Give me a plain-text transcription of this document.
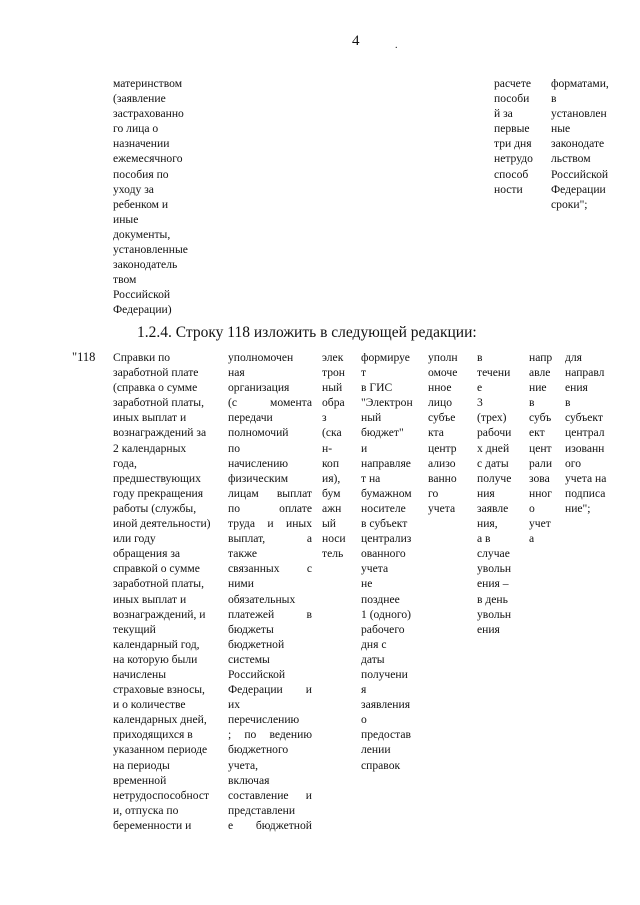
4	.
материнством
(заявление
застрахованно
го лица о
назначении
ежемесячного
пособия по
уходу за
ребенком и
иные
документы,
установленные
законодатель
твом
Российской
Федерации)
расчете
пособи
й за
первые
три дня
нетрудо
способ
ности
форматами,
в
установлен
ные
законодате
льством
Российской
Федерации
сроки";
1.2.4. Строку 118 изложить в следующей редакции:
"118 Справки по
заработной плате
(справка о сумме
заработной платы,
иных выплат и
вознаграждений за
2 календарных
года,
предшествующих
году прекращения
работы (службы,
иной деятельности)
или году
обращения за
справкой о сумме
заработной платы,
иных выплат и
вознаграждений, и
текущий
календарный год,
на которую были
начислены
страховые взносы,
и о количестве
календарных дней,
приходящихся в
указанном периоде
на периоды
временной
нетрудоспособност
и, отпуска по
беременности и
уполномочен
ная
организация
(с момента
передачи
полномочий
по
начислению
физическим
лицам выплат
по оплате
труда и иных
выплат, а
также
связанных с
ними
обязательных
платежей в
бюджеты
бюджетной
системы
Российской
Федерации и
их
перечислению
; по ведению
бюджетного
учета,
включая
составление и
представлени
е бюджетной
элек
трон
ный
обра
з
(ска
н-
коп
ия),
бум
ажн
ый
носи
тель
формируе
т
в ГИС
"Электрон
ный
бюджет"
и
направляе
т на
бумажном
носителе
в субъект
централиз
ованного
учета
не
позднее
1 (одного)
рабочего
дня с
даты
получени
я
заявления
о
предостав
лении
справок
уполн
омоче
нное
лицо
субъе
кта
центр
ализо
ванно
го
учета
в
течени
е
3
(трех)
рабочи
х дней
с даты
получе
ния
заявле
ния,
а в
случае
увольн
ения –
в день
увольн
ения
напр
авле
ние
в
субъ
ект
цент
рали
зова
нног
о
учет
а
для
направл
ения
в
субъект
централ
изованн
ого
учета на
подписа
ние";
